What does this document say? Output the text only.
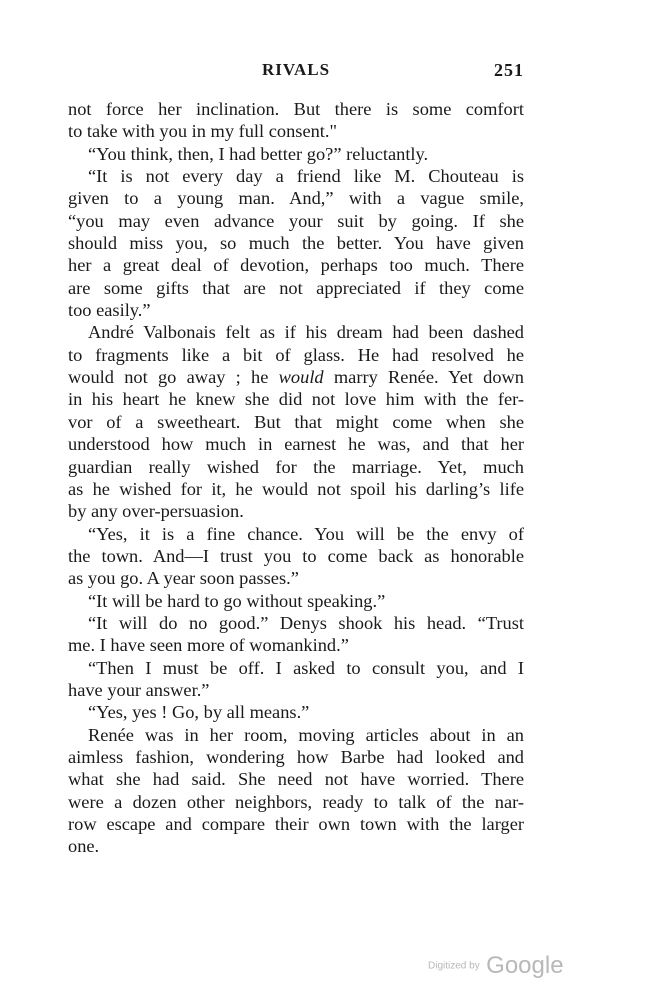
RIVALS	251
not force her inclination. But there is some comfort
to take with you in my full consent."
“You think, then, I had better go?” reluctantly.
“It is not every day a friend like M. Chouteau is
given to a young man. And,” with a vague smile,
“you may even advance your suit by going. If she
should miss you, so much the better. You have given
her a great deal of devotion, perhaps too much. There
are some gifts that are not appreciated if they come
too easily.”
André Valbonais felt as if his dream had been dashed
to fragments like a bit of glass. He had resolved he
would not go away ; he would marry Renée. Yet down
in his heart he knew she did not love him with the fer-
vor of a sweetheart. But that might come when she
understood how much in earnest he was, and that her
guardian really wished for the marriage. Yet, much
as he wished for it, he would not spoil his darling’s life
by any over-persuasion.
“Yes, it is a fine chance. You will be the envy of
the town. And—I trust you to come back as honorable
as you go. A year soon passes.”
“It will be hard to go without speaking.”
“It will do no good.” Denys shook his head. “Trust
me. I have seen more of womankind.”
“Then I must be off. I asked to consult you, and I
have your answer.”
“Yes, yes ! Go, by all means.”
Renée was in her room, moving articles about in an
aimless fashion, wondering how Barbe had looked and
what she had said. She need not have worried. There
were a dozen other neighbors, ready to talk of the nar-
row escape and compare their own town with the larger
one.
Digitized by Google
